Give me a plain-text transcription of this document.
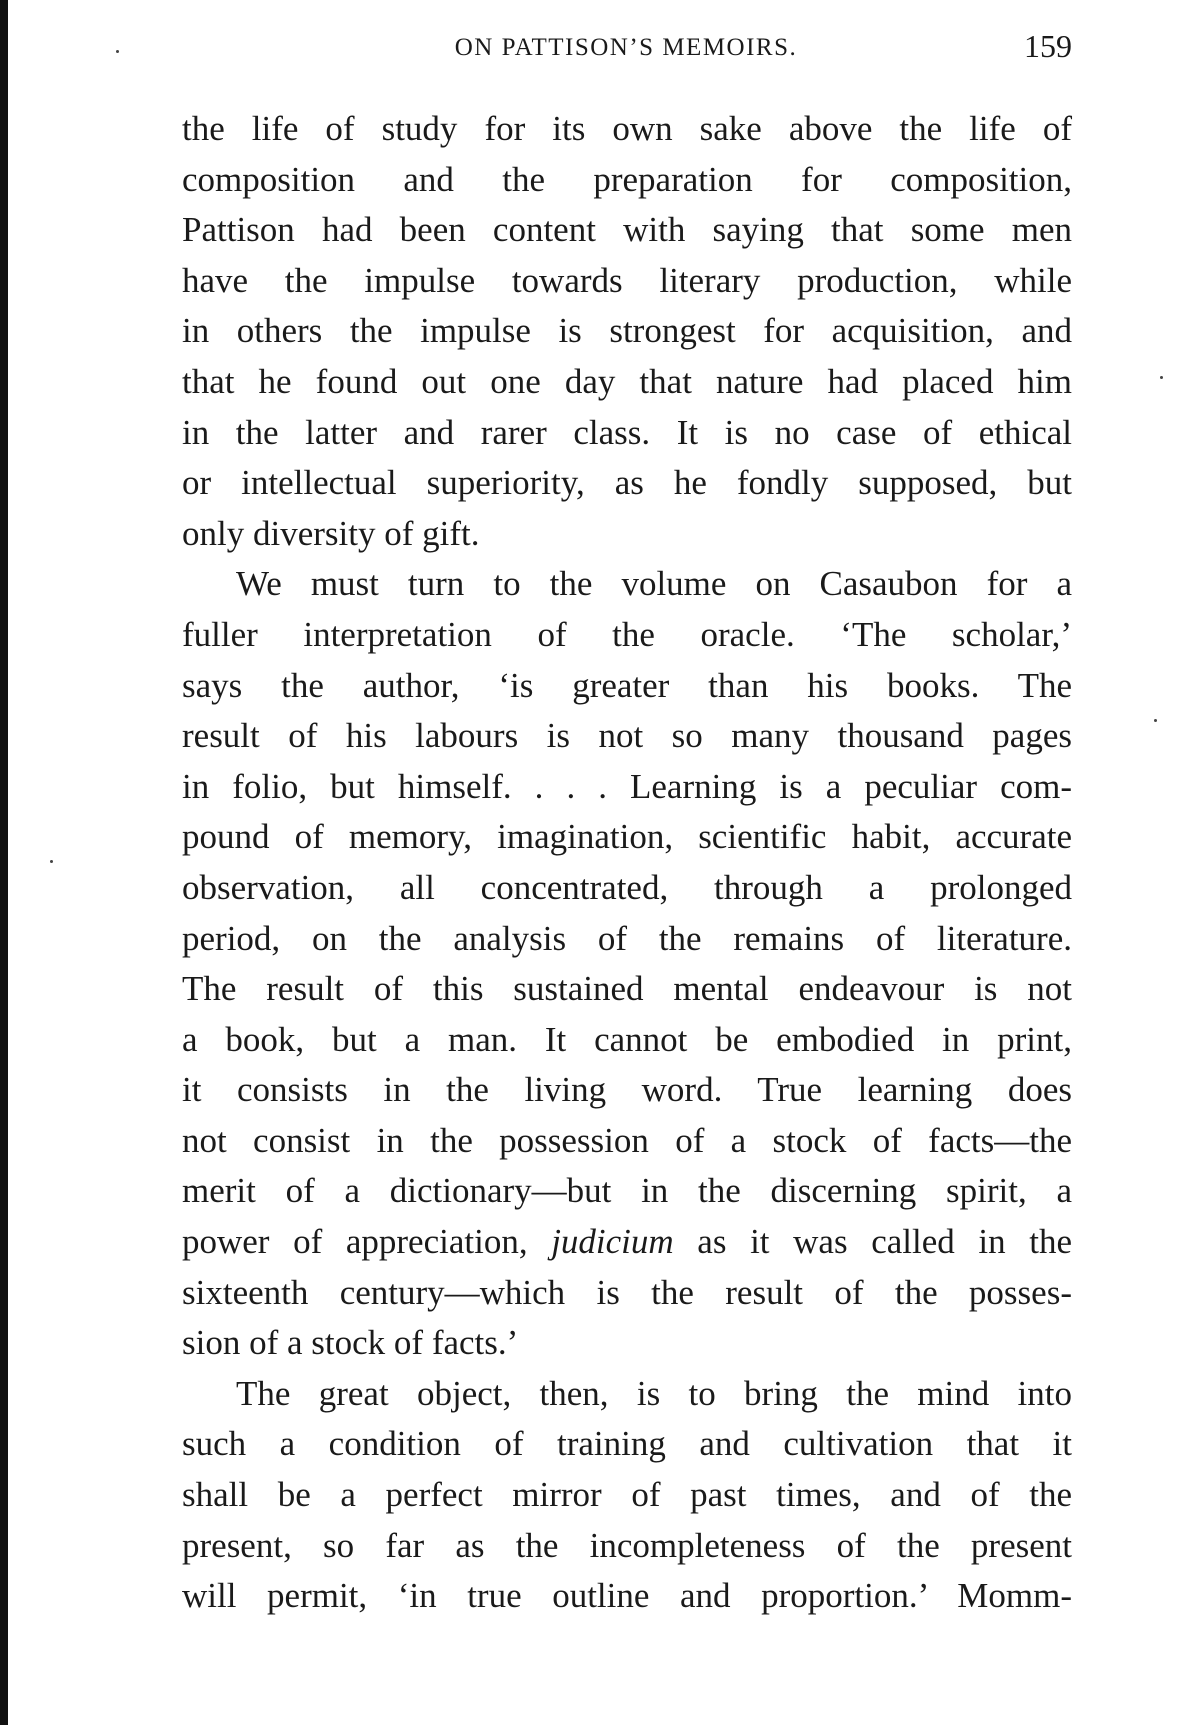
ON PATTISON’S MEMOIRS.	159
the life of study for its own sake above the life of
composition and the preparation for composition,
Pattison had been content with saying that some men
have the impulse towards literary production, while
in others the impulse is strongest for acquisition, and
that he found out one day that nature had placed him
in the latter and rarer class. It is no case of ethical
or intellectual superiority, as he fondly supposed, but
only diversity of gift.
We must turn to the volume on Casaubon for a
fuller interpretation of the oracle. ‘The scholar,’
says the author, ‘is greater than his books. The
result of his labours is not so many thousand pages
in folio, but himself. . . . Learning is a peculiar com-
pound of memory, imagination, scientific habit, accurate
observation, all concentrated, through a prolonged
period, on the analysis of the remains of literature.
The result of this sustained mental endeavour is not
a book, but a man. It cannot be embodied in print,
it consists in the living word. True learning does
not consist in the possession of a stock of facts—the
merit of a dictionary—but in the discerning spirit, a
power of appreciation, judicium as it was called in the
sixteenth century—which is the result of the posses-
sion of a stock of facts.’
The great object, then, is to bring the mind into
such a condition of training and cultivation that it
shall be a perfect mirror of past times, and of the
present, so far as the incompleteness of the present
will permit, ‘in true outline and proportion.’ Momm-
